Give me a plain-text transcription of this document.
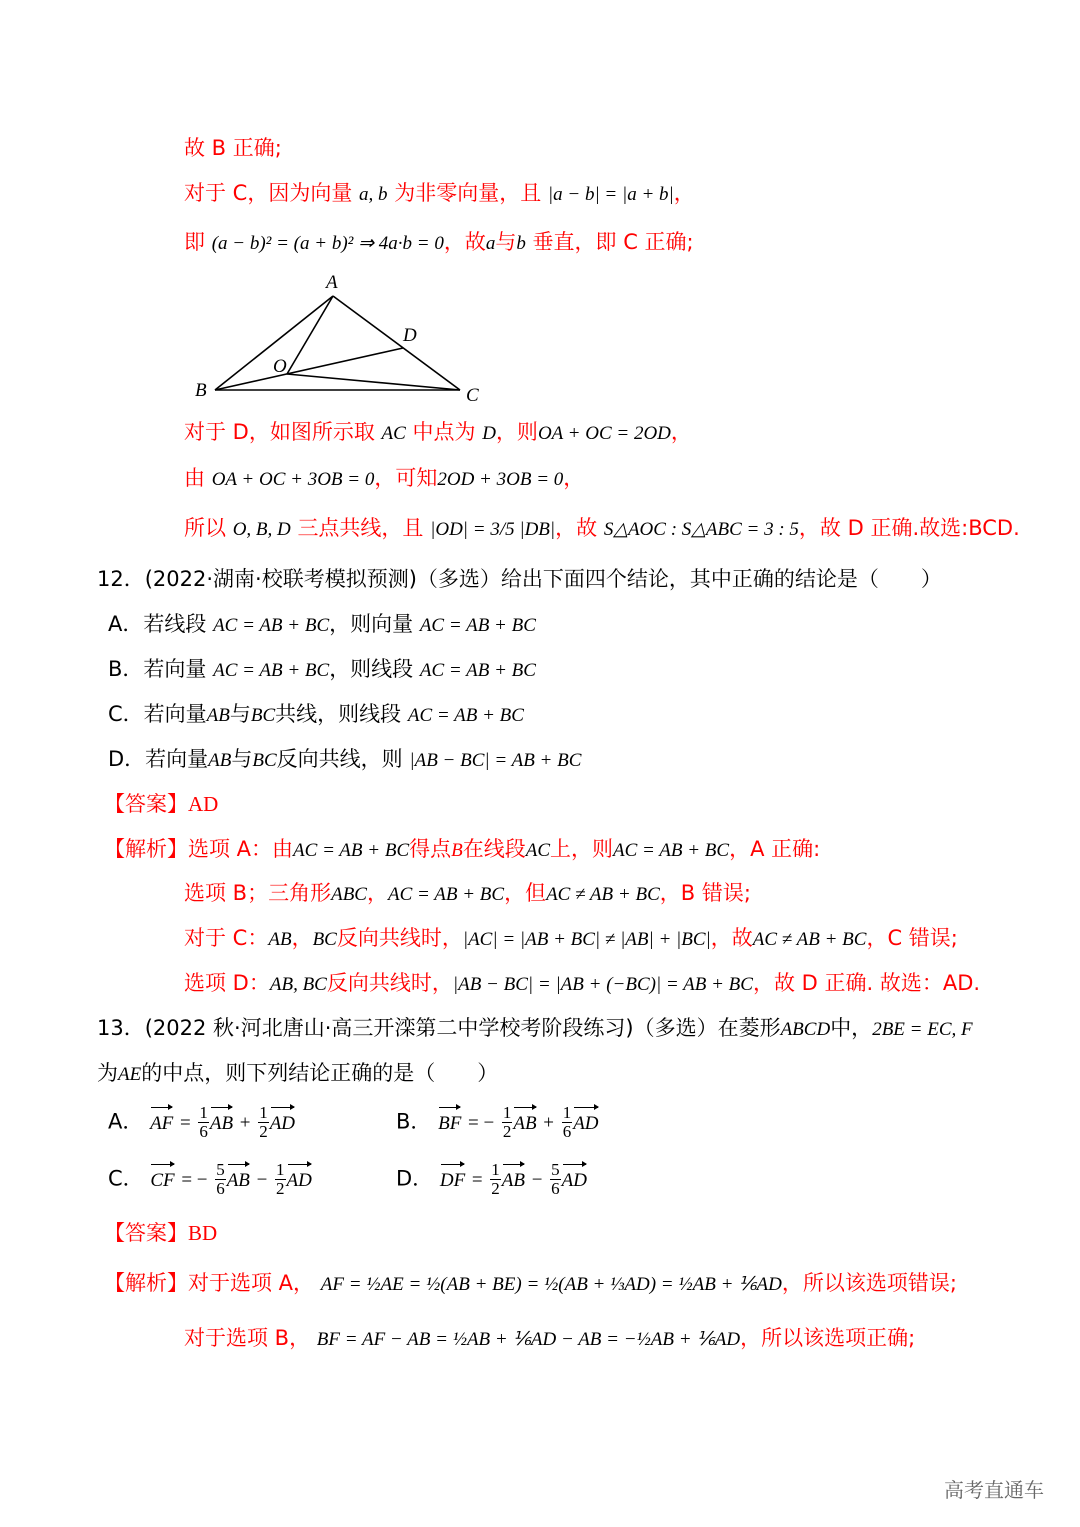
故 B 正确;
对于 C，因为向量 a, b 为非零向量，且 |a − b| = |a + b|，
即 (a − b)² = (a + b)² ⇒ 4a·b = 0，故a与b 垂直，即 C 正确;
A
B	C
D
O
对于 D，如图所示取 AC 中点为 D，则OA + OC = 2OD，
由 OA + OC + 3OB = 0，可知2OD + 3OB = 0，
所以 O, B, D 三点共线，且 |OD| = 3/5 |DB|，故 S△AOC : S△ABC = 3 : 5，故 D 正确.故选:BCD.
12．(2022·湖南·校联考模拟预测)（多选）给出下面四个结论，其中正确的结论是（　　）
A．若线段 AC = AB + BC，则向量 AC = AB + BC
B．若向量 AC = AB + BC，则线段 AC = AB + BC
C．若向量AB与BC共线，则线段 AC = AB + BC
D．若向量AB与BC反向共线，则 |AB − BC| = AB + BC
【答案】AD
【解析】选项 A：由AC = AB + BC得点B在线段AC上，则AC = AB + BC，A 正确:
选项 B；三角形ABC，AC = AB + BC，但AC ≠ AB + BC，B 错误;
对于 C：AB，BC反向共线时，|AC| = |AB + BC| ≠ |AB| + |BC|，故AC ≠ AB + BC，C 错误;
选项 D：AB, BC反向共线时，|AB − BC| = |AB + (−BC)| = AB + BC，故 D 正确. 故选：AD.
13．(2022 秋·河北唐山·高三开滦第二中学校考阶段练习)（多选）在菱形ABCD中，2BE = EC, F
为AE的中点，则下列结论正确的是（　　）
A． AF = $\frac{1}{6}$ AB + $\frac{1}{2}$ AD	B． BF = − $\frac{1}{2}$ AB + $\frac{1}{6}$ AD
C． CF = − $\frac{5}{6}$ AB − $\frac{1}{2}$ AD	D． DF = $\frac{1}{2}$ AB − $\frac{5}{6}$ AD
【答案】BD
【解析】对于选项 A， AF = ½AE = ½(AB + BE) = ½(AB + ⅓AD) = ½AB + ⅙AD，所以该选项错误;
对于选项 B， BF = AF − AB = ½AB + ⅙AD − AB = −½AB + ⅙AD，所以该选项正确;
高考直通车
